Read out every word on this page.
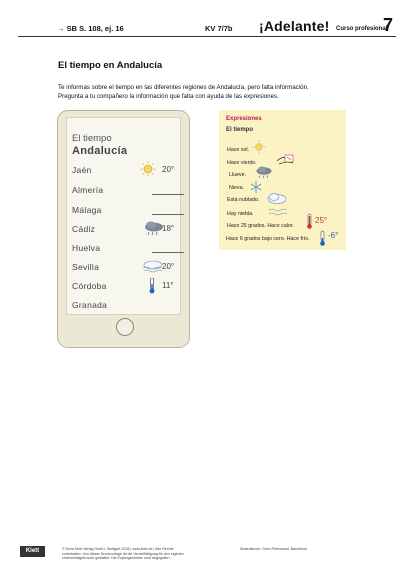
→ SB S. 108, ej. 16	KV 7/7b ¡Adelante! Curso profesional
7
El tiempo en Andalucía
Te informas sobre el tiempo en las diferentes regiones de Andalucía, pero falta información.
Pregunta a tu compañero la información que falta con ayuda de las expresiones.
El tiempo
Andalucía
Jaén	20°
Almería
Málaga
Cádiz	18°
Huelva
Sevilla	20°
Córdoba	11°
Granada
Expresiones
El tiempo
Hace sol.
Hace viento.
Llueve.
Nieva.
Está nublado.
Hay niebla.
Hace 25 grados. Hace calor.
25°
Hace 6 grados bajo cero. Hace frío. -6°
Klett	© Ernst Klett Verlag GmbH, Stuttgart 2018 | www.klett.de | Alle Rechte
vorbehalten. Von dieser Druckvorlage ist die Vervielfältigung für den eigenen
Unterrichtsgebrauch gestattet. Die Kopiergebühren sind abgegolten.
Illustrationen: Sven Palmowski, Barcelona
